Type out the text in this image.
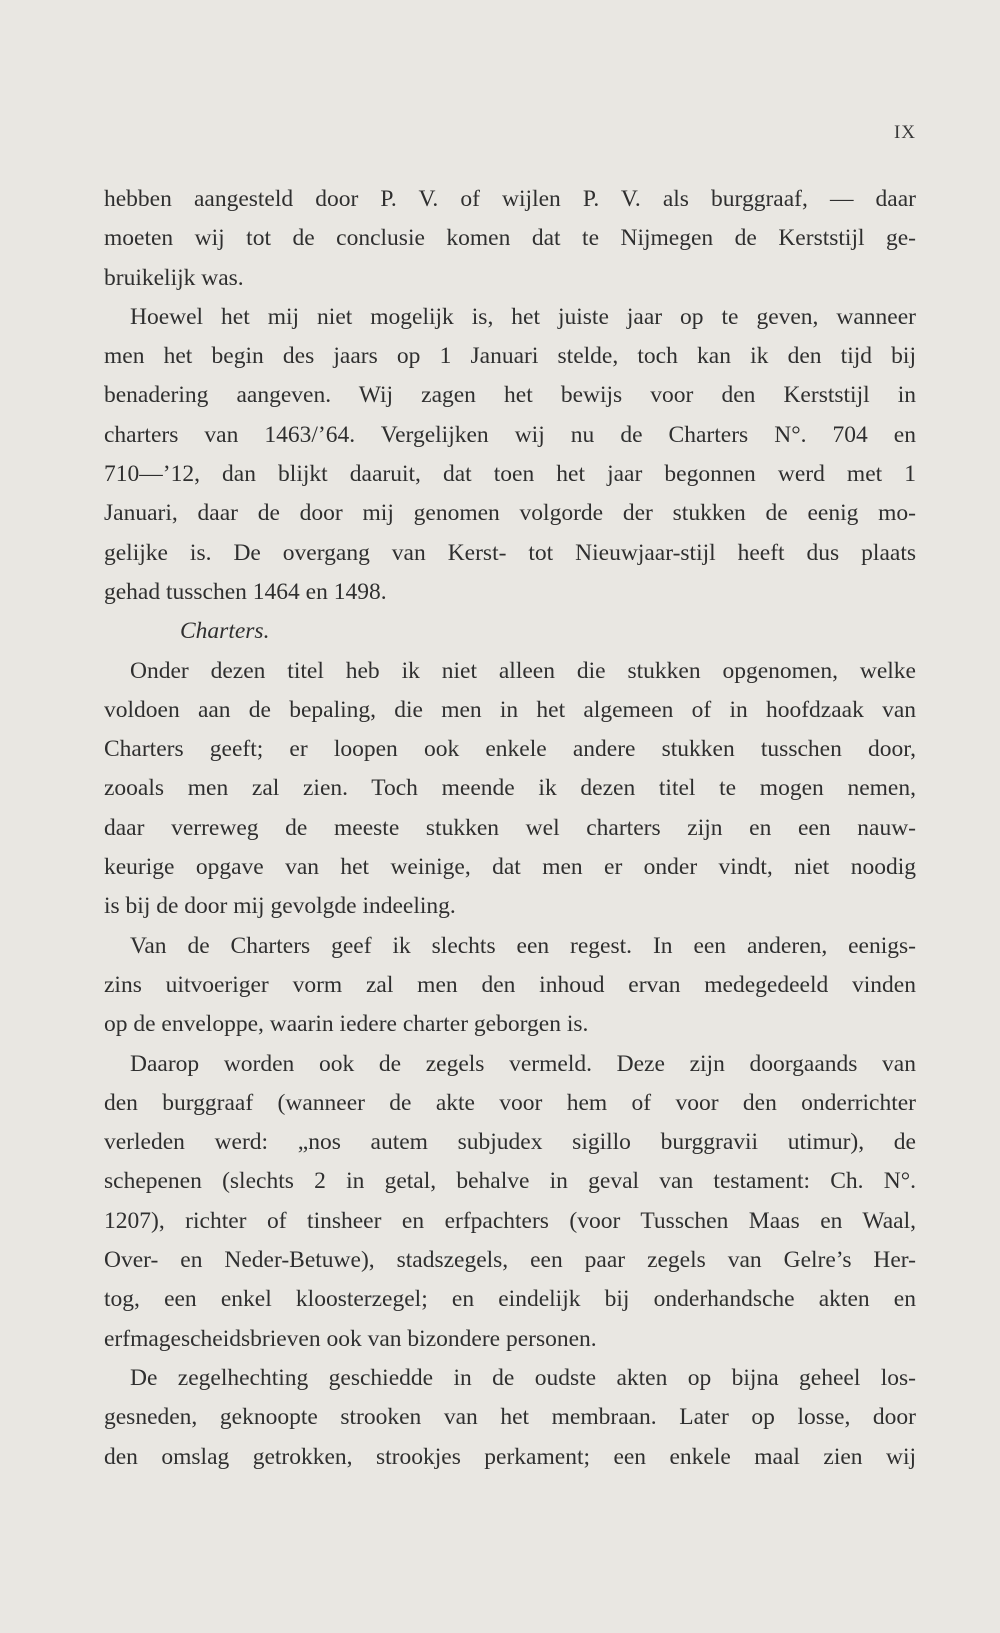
IX
hebben aangesteld door P. V. of wijlen P. V. als burggraaf, — daar
moeten wij tot de conclusie komen dat te Nijmegen de Kerststijl ge-
bruikelijk was.
Hoewel het mij niet mogelijk is, het juiste jaar op te geven, wanneer
men het begin des jaars op 1 Januari stelde, toch kan ik den tijd bij
benadering aangeven. Wij zagen het bewijs voor den Kerststijl in
charters van 1463/’64. Vergelijken wij nu de Charters N°. 704 en
710—’12, dan blijkt daaruit, dat toen het jaar begonnen werd met 1
Januari, daar de door mij genomen volgorde der stukken de eenig mo-
gelijke is. De overgang van Kerst- tot Nieuwjaar-stijl heeft dus plaats
gehad tusschen 1464 en 1498.
Charters.
Onder dezen titel heb ik niet alleen die stukken opgenomen, welke
voldoen aan de bepaling, die men in het algemeen of in hoofdzaak van
Charters geeft; er loopen ook enkele andere stukken tusschen door,
zooals men zal zien. Toch meende ik dezen titel te mogen nemen,
daar verreweg de meeste stukken wel charters zijn en een nauw-
keurige opgave van het weinige, dat men er onder vindt, niet noodig
is bij de door mij gevolgde indeeling.
Van de Charters geef ik slechts een regest. In een anderen, eenigs-
zins uitvoeriger vorm zal men den inhoud ervan medegedeeld vinden
op de enveloppe, waarin iedere charter geborgen is.
Daarop worden ook de zegels vermeld. Deze zijn doorgaands van
den burggraaf (wanneer de akte voor hem of voor den onderrichter
verleden werd: „nos autem subjudex sigillo burggravii utimur), de
schepenen (slechts 2 in getal, behalve in geval van testament: Ch. N°.
1207), richter of tinsheer en erfpachters (voor Tusschen Maas en Waal,
Over- en Neder-Betuwe), stadszegels, een paar zegels van Gelre’s Her-
tog, een enkel kloosterzegel; en eindelijk bij onderhandsche akten en
erfmagescheidsbrieven ook van bizondere personen.
De zegelhechting geschiedde in de oudste akten op bijna geheel los-
gesneden, geknoopte strooken van het membraan. Later op losse, door
den omslag getrokken, strookjes perkament; een enkele maal zien wij
